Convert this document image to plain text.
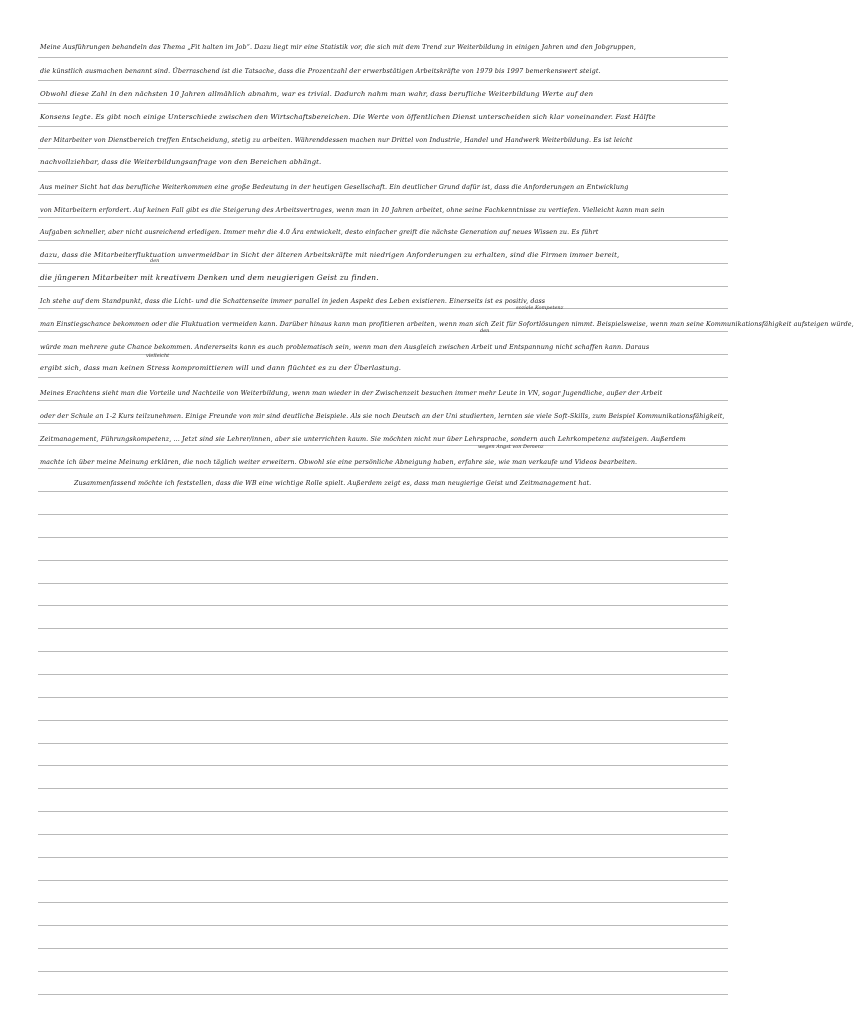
Meine Ausführungen behandeln das Thema „Fit halten im Job“. Dazu liegt mir eine Statistik vor, die sich mit dem Trend zur Weiterbildung in einigen Jahren und den Jobgruppen,
die künstlich ausmachen benannt sind. Überraschend ist die Tatsache, dass die Prozentzahl der erwerbstätigen Arbeitskräfte von 1979 bis 1997 bemerkenswert steigt.
Obwohl diese Zahl in den nächsten 10 Jahren allmählich abnahm, war es trivial. Dadurch nahm man wahr, dass berufliche Weiterbildung Werte auf den
Konsens legte. Es gibt noch einige Unterschiede zwischen den Wirtschaftsbereichen. Die Werte von öffentlichen Dienst unterscheiden sich klar voneinander. Fast Hälfte
der Mitarbeiter von Dienstbereich treffen Entscheidung, stetig zu arbeiten. Währenddessen machen nur Drittel von Industrie, Handel und Handwerk Weiterbildung. Es ist leicht
nachvollziehbar, dass die Weiterbildungsanfrage von den Bereichen abhängt.
Aus meiner Sicht hat das berufliche Weiterkommen eine große Bedeutung in der heutigen Gesellschaft. Ein deutlicher Grund dafür ist, dass die Anforderungen an Entwicklung
von Mitarbeitern erfordert. Auf keinen Fall gibt es die Steigerung des Arbeitsvertrages, wenn man in 10 Jahren arbeitet, ohne seine Fachkenntnisse zu vertiefen. Vielleicht kann man sein
Aufgaben schneller, aber nicht ausreichend erledigen. Immer mehr die 4.0 Ära entwickelt, desto einfacher greift die nächste Generation auf neues Wissen zu. Es führt
dazu, dass die Mitarbeiterfluktuation unvermeidbar in Sicht der älteren Arbeitskräfte mit niedrigen Anforderungen zu erhalten, sind die Firmen immer bereit,
die jüngeren Mitarbeiter mit kreativem Denken und dem neugierigen Geist zu finden.
Ich stehe auf dem Standpunkt, dass die Licht- und die Schattenseite immer parallel in jeden Aspekt des Leben existieren. Einerseits ist es positiv, dass
man Einstiegschance bekommen oder die Fluktuation vermeiden kann. Darüber hinaus kann man profitieren arbeiten, wenn man sich Zeit für Sofortlösungen nimmt. Beispielsweise, wenn man seine Kommunikationsfähigkeit aufsteigen würde,
würde man mehrere gute Chance bekommen. Andererseits kann es auch problematisch sein, wenn man den Ausgleich zwischen Arbeit und Entspannung nicht schaffen kann. Daraus
ergibt sich, dass man keinen Stress kompromittieren will und dann flüchtet es zu der Überlastung.
Meines Erachtens sieht man die Vorteile und Nachteile von Weiterbildung, wenn man wieder in der Zwischenzeit besuchen immer mehr Leute in VN, sogar Jugendliche, außer der Arbeit
oder der Schule an 1-2 Kurs teilzunehmen. Einige Freunde von mir sind deutliche Beispiele. Als sie noch Deutsch an der Uni studierten, lernten sie viele Soft-Skills, zum Beispiel Kommunikationsfähigkeit,
Zeitmanagement, Führungskompetenz, ... Jetzt sind sie Lehrer/innen, aber sie unterrichten kaum. Sie möchten nicht nur über Lehrsprache, sondern auch Lehrkompetenz aufsteigen. Außerdem
machte ich über meine Meinung erklären, die noch täglich weiter erweitern. Obwohl sie eine persönliche Abneigung haben, erfahre sie, wie man verkaufe und Videos bearbeiten.
Zusammenfassend möchte ich feststellen, dass die WB eine wichtige Rolle spielt. Außerdem zeigt es, dass man neugierige Geist und Zeitmanagement hat.
soziale Kompetenz
den
vielleicht
wegen Angst von Demenz
den
